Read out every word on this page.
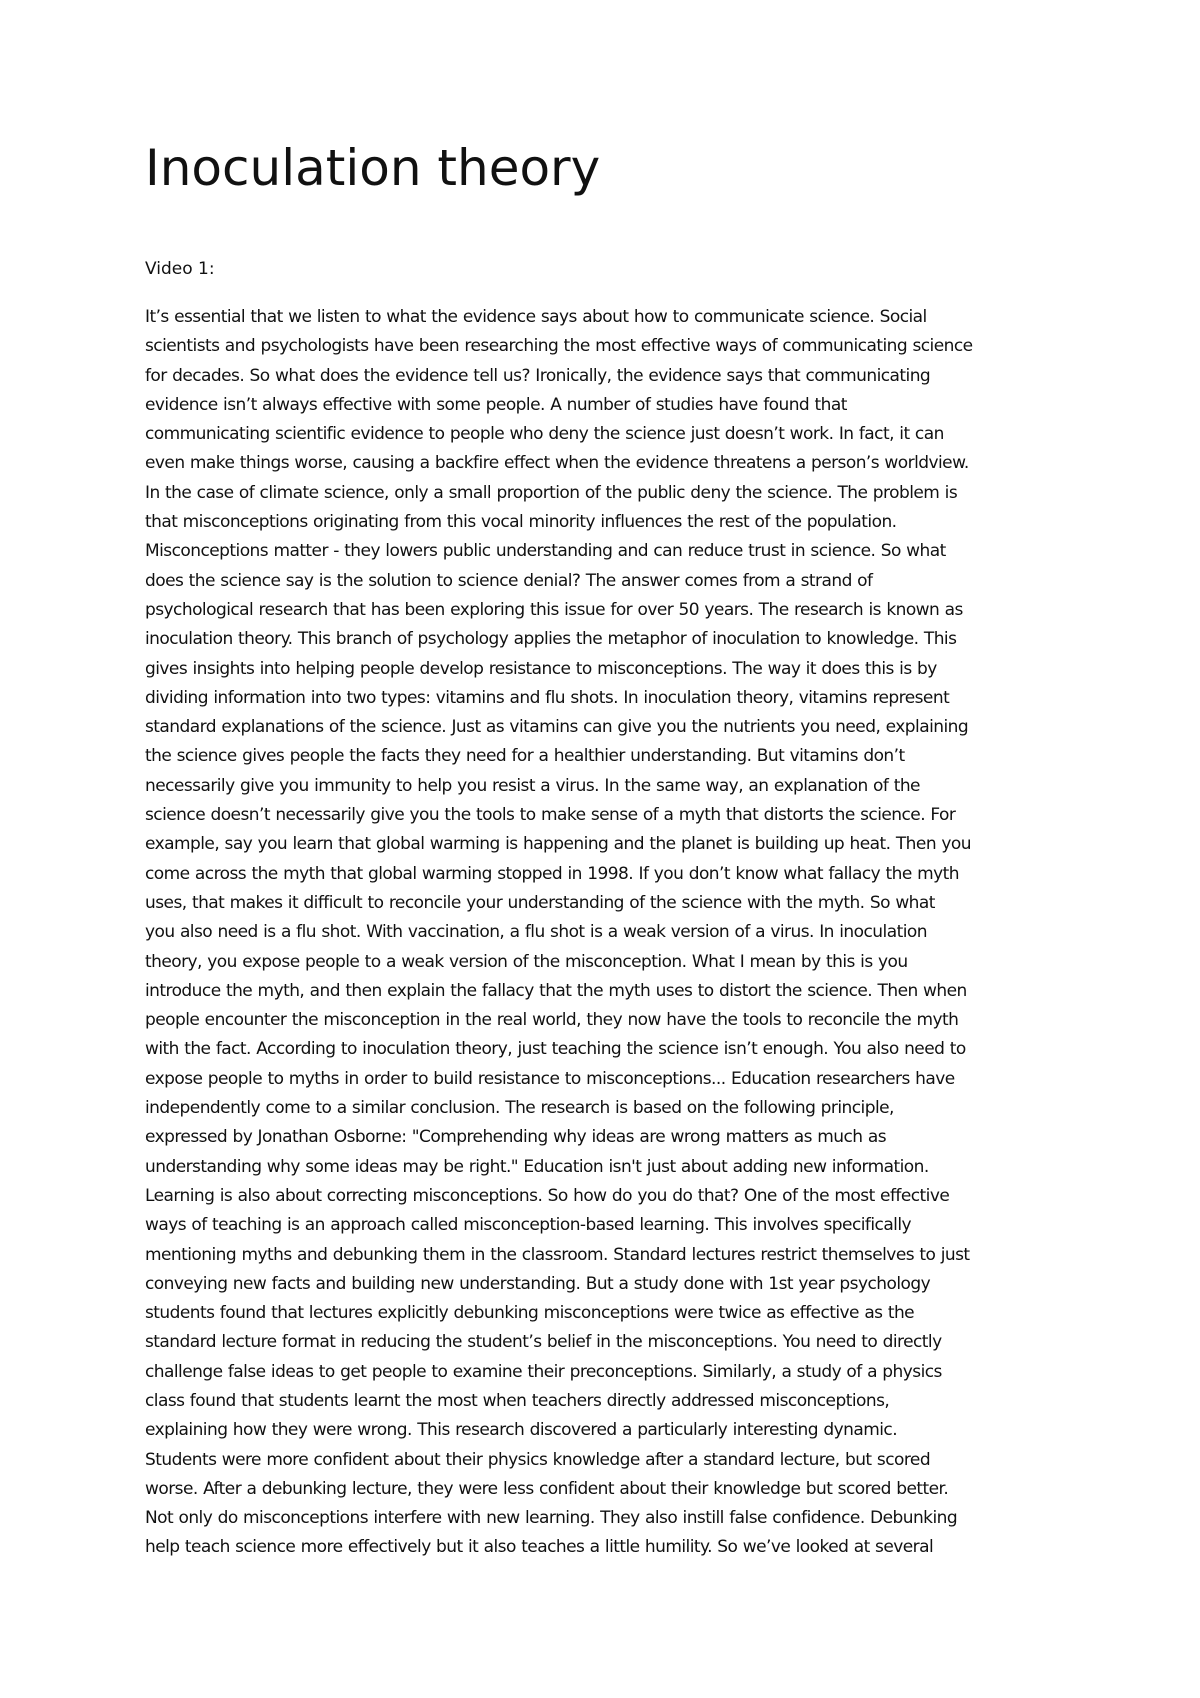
Inoculation theory

Video 1:

It’s essential that we listen to what the evidence says about how to communicate science. Social
scientists and psychologists have been researching the most effective ways of communicating science
for decades. So what does the evidence tell us? Ironically, the evidence says that communicating
evidence isn’t always effective with some people. A number of studies have found that
communicating scientific evidence to people who deny the science just doesn’t work. In fact, it can
even make things worse, causing a backfire effect when the evidence threatens a person’s worldview.
In the case of climate science, only a small proportion of the public deny the science. The problem is
that misconceptions originating from this vocal minority influences the rest of the population.
Misconceptions matter - they lowers public understanding and can reduce trust in science. So what
does the science say is the solution to science denial? The answer comes from a strand of
psychological research that has been exploring this issue for over 50 years. The research is known as
inoculation theory. This branch of psychology applies the metaphor of inoculation to knowledge. This
gives insights into helping people develop resistance to misconceptions. The way it does this is by
dividing information into two types: vitamins and flu shots. In inoculation theory, vitamins represent
standard explanations of the science. Just as vitamins can give you the nutrients you need, explaining
the science gives people the facts they need for a healthier understanding. But vitamins don’t
necessarily give you immunity to help you resist a virus. In the same way, an explanation of the
science doesn’t necessarily give you the tools to make sense of a myth that distorts the science. For
example, say you learn that global warming is happening and the planet is building up heat. Then you
come across the myth that global warming stopped in 1998. If you don’t know what fallacy the myth
uses, that makes it difficult to reconcile your understanding of the science with the myth. So what
you also need is a flu shot. With vaccination, a flu shot is a weak version of a virus. In inoculation
theory, you expose people to a weak version of the misconception. What I mean by this is you
introduce the myth, and then explain the fallacy that the myth uses to distort the science. Then when
people encounter the misconception in the real world, they now have the tools to reconcile the myth
with the fact. According to inoculation theory, just teaching the science isn’t enough. You also need to
expose people to myths in order to build resistance to misconceptions... Education researchers have
independently come to a similar conclusion. The research is based on the following principle,
expressed by Jonathan Osborne: "Comprehending why ideas are wrong matters as much as
understanding why some ideas may be right." Education isn't just about adding new information.
Learning is also about correcting misconceptions. So how do you do that? One of the most effective
ways of teaching is an approach called misconception-based learning. This involves specifically
mentioning myths and debunking them in the classroom. Standard lectures restrict themselves to just
conveying new facts and building new understanding. But a study done with 1st year psychology
students found that lectures explicitly debunking misconceptions were twice as effective as the
standard lecture format in reducing the student’s belief in the misconceptions. You need to directly
challenge false ideas to get people to examine their preconceptions. Similarly, a study of a physics
class found that students learnt the most when teachers directly addressed misconceptions,
explaining how they were wrong. This research discovered a particularly interesting dynamic.
Students were more confident about their physics knowledge after a standard lecture, but scored
worse. After a debunking lecture, they were less confident about their knowledge but scored better.
Not only do misconceptions interfere with new learning. They also instill false confidence. Debunking
help teach science more effectively but it also teaches a little humility. So we’ve looked at several
